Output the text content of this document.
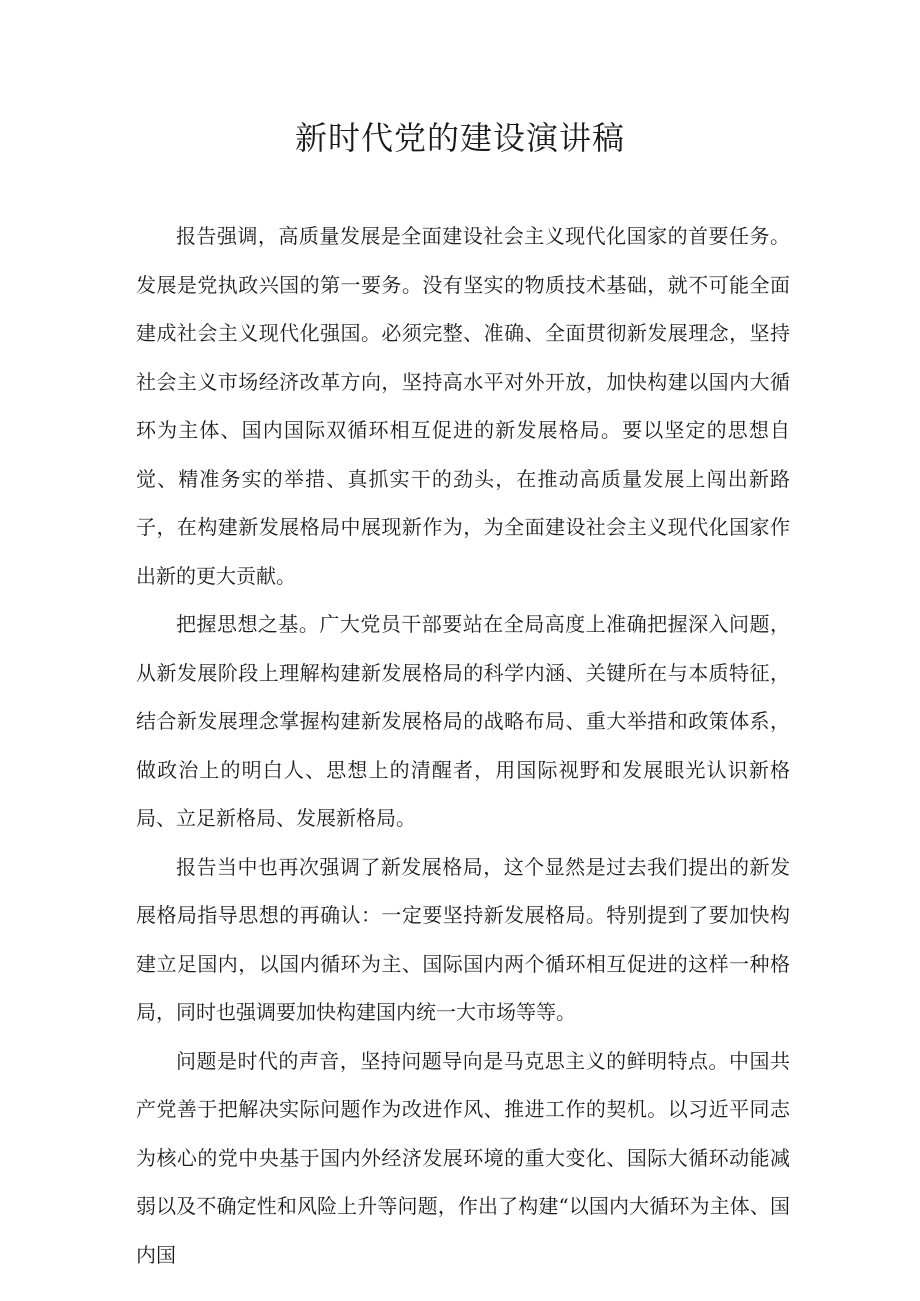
新时代党的建设演讲稿

报告强调，高质量发展是全面建设社会主义现代化国家的首要任务。发展是党执政兴国的第一要务。没有坚实的物质技术基础，就不可能全面建成社会主义现代化强国。必须完整、准确、全面贯彻新发展理念，坚持社会主义市场经济改革方向，坚持高水平对外开放，加快构建以国内大循环为主体、国内国际双循环相互促进的新发展格局。要以坚定的思想自觉、精准务实的举措、真抓实干的劲头，在推动高质量发展上闯出新路子，在构建新发展格局中展现新作为，为全面建设社会主义现代化国家作出新的更大贡献。

把握思想之基。广大党员干部要站在全局高度上准确把握深入问题，从新发展阶段上理解构建新发展格局的科学内涵、关键所在与本质特征，结合新发展理念掌握构建新发展格局的战略布局、重大举措和政策体系，做政治上的明白人、思想上的清醒者，用国际视野和发展眼光认识新格局、立足新格局、发展新格局。

报告当中也再次强调了新发展格局，这个显然是过去我们提出的新发展格局指导思想的再确认：一定要坚持新发展格局。特别提到了要加快构建立足国内，以国内循环为主、国际国内两个循环相互促进的这样一种格局，同时也强调要加快构建国内统一大市场等等。

问题是时代的声音，坚持问题导向是马克思主义的鲜明特点。中国共产党善于把解决实际问题作为改进作风、推进工作的契机。以习近平同志为核心的党中央基于国内外经济发展环境的重大变化、国际大循环动能减弱以及不确定性和风险上升等问题，作出了构建“以国内大循环为主体、国内国
